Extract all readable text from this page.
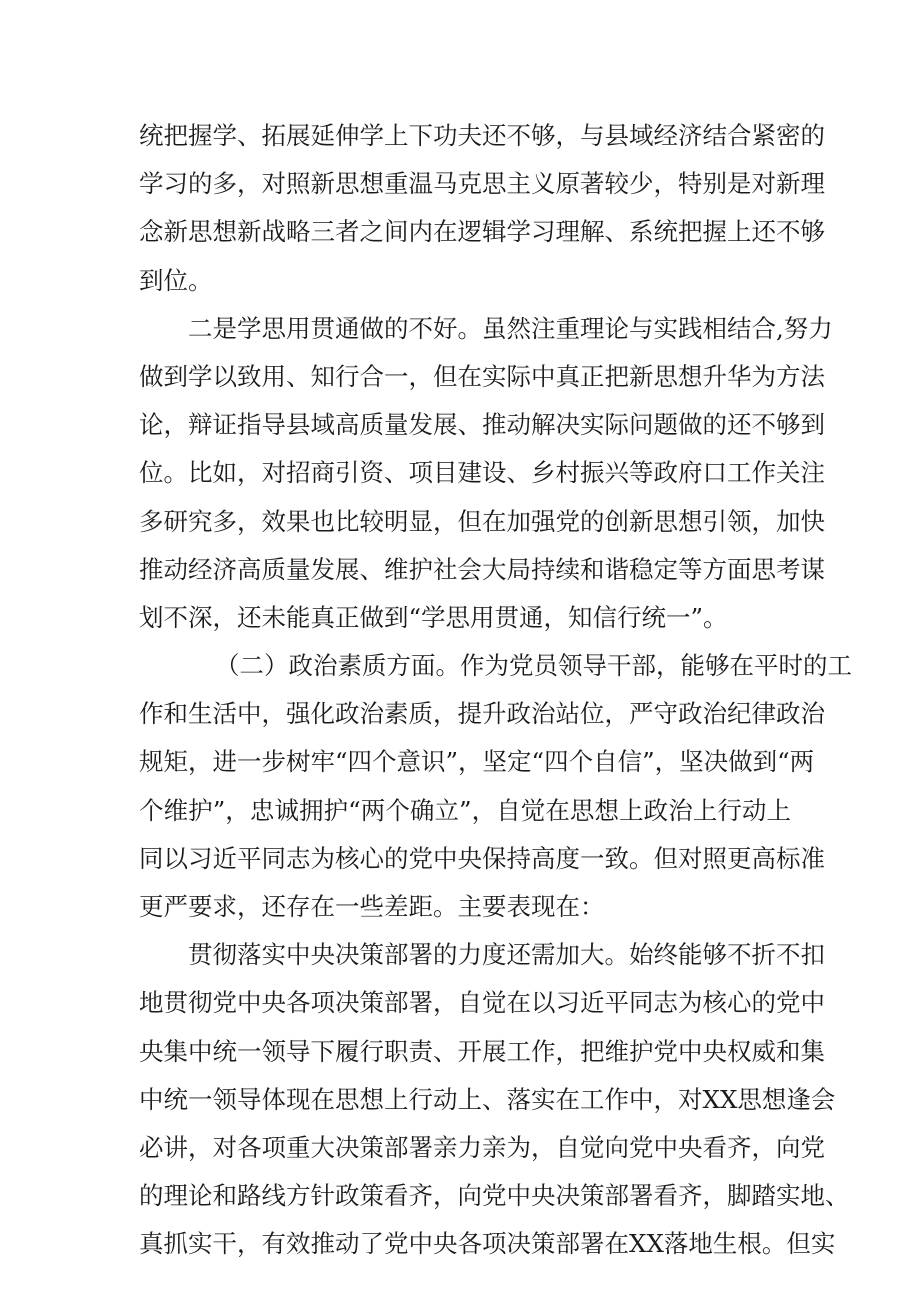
统把握学、拓展延伸学上下功夫还不够，与县域经济结合紧密的
学习的多，对照新思想重温马克思主义原著较少，特别是对新理
念新思想新战略三者之间内在逻辑学习理解、系统把握上还不够
到位。
二是学思用贯通做的不好。虽然注重理论与实践相结合,努力
做到学以致用、知行合一，但在实际中真正把新思想升华为方法
论，辩证指导县域高质量发展、推动解决实际问题做的还不够到
位。比如，对招商引资、项目建设、乡村振兴等政府口工作关注
多研究多，效果也比较明显，但在加强党的创新思想引领，加快
推动经济高质量发展、维护社会大局持续和谐稳定等方面思考谋
划不深，还未能真正做到“学思用贯通，知信行统一”。
（二）政治素质方面。作为党员领导干部，能够在平时的工
作和生活中，强化政治素质，提升政治站位，严守政治纪律政治
规矩，进一步树牢“四个意识”，坚定“四个自信”，坚决做到“两
个维护”，忠诚拥护“两个确立”，自觉在思想上政治上行动上
同以习近平同志为核心的党中央保持高度一致。但对照更高标准
更严要求，还存在一些差距。主要表现在：
贯彻落实中央决策部署的力度还需加大。始终能够不折不扣
地贯彻党中央各项决策部署，自觉在以习近平同志为核心的党中
央集中统一领导下履行职责、开展工作，把维护党中央权威和集
中统一领导体现在思想上行动上、落实在工作中，对XX思想逢会
必讲，对各项重大决策部署亲力亲为，自觉向党中央看齐，向党
的理论和路线方针政策看齐，向党中央决策部署看齐，脚踏实地、
真抓实干，有效推动了党中央各项决策部署在XX落地生根。但实
